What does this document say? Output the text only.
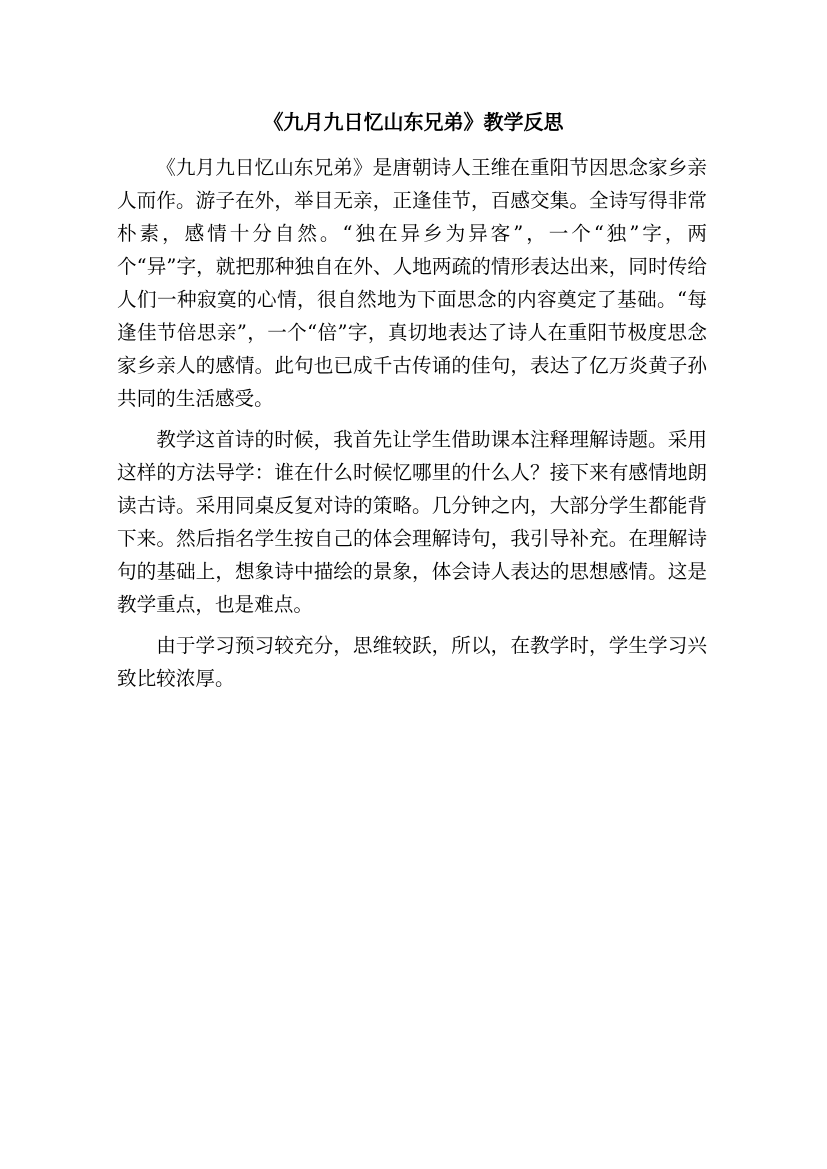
《九月九日忆山东兄弟》教学反思

《九月九日忆山东兄弟》是唐朝诗人王维在重阳节因思念家乡亲人而作。游子在外，举目无亲，正逢佳节，百感交集。全诗写得非常朴素，感情十分自然。“独在异乡为异客”，一个“独”字，两个“异”字，就把那种独自在外、人地两疏的情形表达出来，同时传给人们一种寂寞的心情，很自然地为下面思念的内容奠定了基础。“每逢佳节倍思亲”，一个“倍”字，真切地表达了诗人在重阳节极度思念家乡亲人的感情。此句也已成千古传诵的佳句，表达了亿万炎黄子孙共同的生活感受。

教学这首诗的时候，我首先让学生借助课本注释理解诗题。采用这样的方法导学：谁在什么时候忆哪里的什么人？接下来有感情地朗读古诗。采用同桌反复对诗的策略。几分钟之内，大部分学生都能背下来。然后指名学生按自己的体会理解诗句，我引导补充。在理解诗句的基础上，想象诗中描绘的景象，体会诗人表达的思想感情。这是教学重点，也是难点。

由于学习预习较充分，思维较跃，所以，在教学时，学生学习兴致比较浓厚。
